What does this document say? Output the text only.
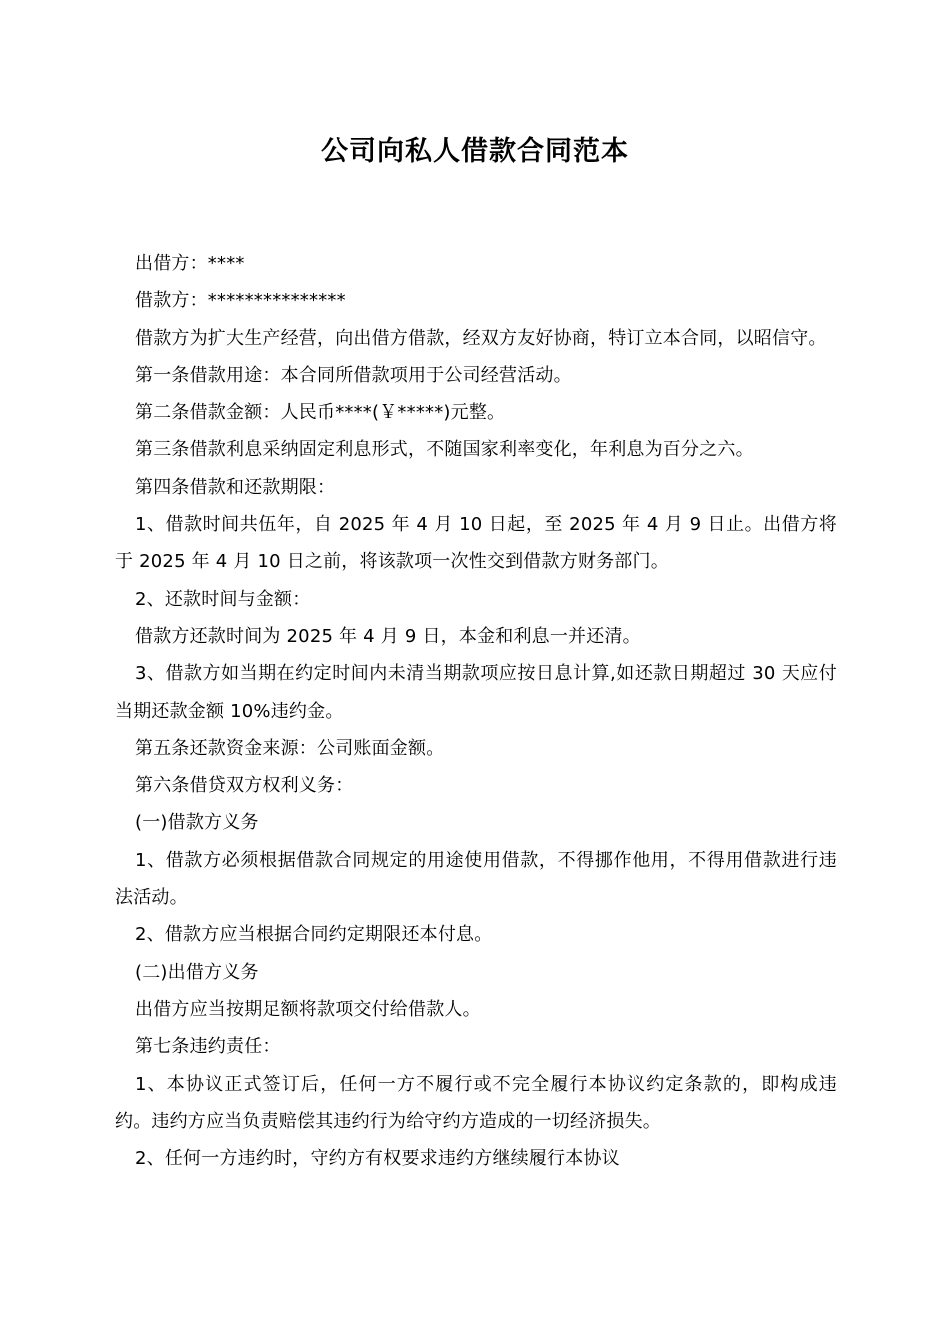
公司向私人借款合同范本

出借方：****

借款方：***************

借款方为扩大生产经营，向出借方借款，经双方友好协商，特订立本合同，以昭信守。

第一条借款用途：本合同所借款项用于公司经营活动。

第二条借款金额：人民币****(￥*****)元整。

第三条借款利息采纳固定利息形式，不随国家利率变化，年利息为百分之六。

第四条借款和还款期限：

1、借款时间共伍年，自 2025 年 4 月 10 日起，至 2025 年 4 月 9 日止。出借方将于 2025 年 4 月 10 日之前，将该款项一次性交到借款方财务部门。

2、还款时间与金额：

借款方还款时间为 2025 年 4 月 9 日，本金和利息一并还清。

3、借款方如当期在约定时间内未清当期款项应按日息计算,如还款日期超过 30 天应付当期还款金额 10%违约金。

第五条还款资金来源：公司账面金额。

第六条借贷双方权利义务：

(一)借款方义务

1、借款方必须根据借款合同规定的用途使用借款，不得挪作他用，不得用借款进行违法活动。

2、借款方应当根据合同约定期限还本付息。

(二)出借方义务

出借方应当按期足额将款项交付给借款人。

第七条违约责任：

1、本协议正式签订后，任何一方不履行或不完全履行本协议约定条款的，即构成违约。违约方应当负责赔偿其违约行为给守约方造成的一切经济损失。

2、任何一方违约时，守约方有权要求违约方继续履行本协议
